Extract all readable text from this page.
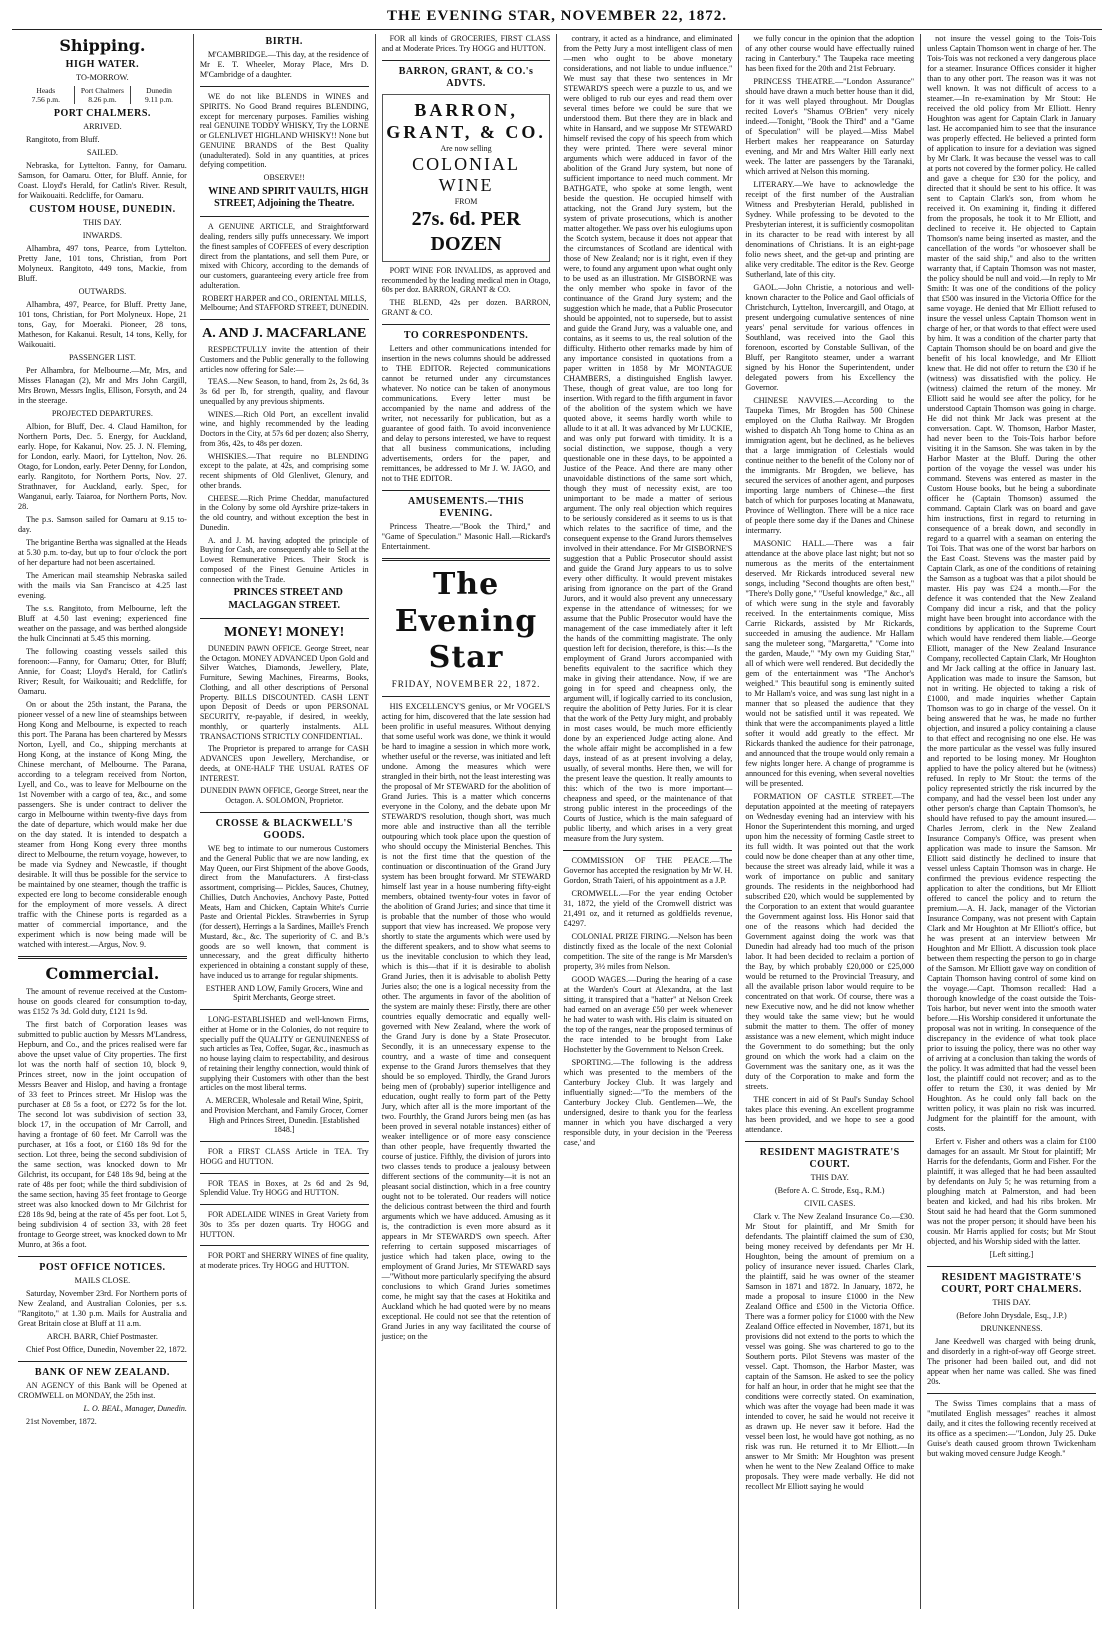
THE EVENING STAR, NOVEMBER 22, 1872.
Shipping.
HIGH WATER.

TO-MORROW.

Heads
7.56 p.m.
Port Chalmers
8.26 p.m.
Dunedin
9.11 p.m.
PORT CHALMERS.

ARRIVED.

Rangitoto, from Bluff.

SAILED.

Nebraska, for Lyttelton. Fanny, for Oamaru. Samson, for Oamaru. Otter, for Bluff. Annie, for Coast. Lloyd's Herald, for Catlin's River. Result, for Waikouaiti. Redcliffe, for Oamaru.

CUSTOM HOUSE, DUNEDIN.

THIS DAY.

INWARDS.

Alhambra, 497 tons, Pearce, from Lyttelton. Pretty Jane, 101 tons, Christian, from Port Molyneux. Rangitoto, 449 tons, Mackie, from Bluff.

OUTWARDS.

Alhambra, 497, Pearce, for Bluff. Pretty Jane, 101 tons, Christian, for Port Molyneux. Hope, 21 tons, Gay, for Moeraki. Pioneer, 28 tons, Matheson, for Kakanui. Result, 14 tons, Kelly, for Waikouaiti.

PASSENGER LIST.

Per Alhambra, for Melbourne.—Mr, Mrs, and Misses Flanagan (2), Mr and Mrs John Cargill, Mrs Brown, Messrs Inglis, Ellison, Forsyth, and 24 in the steerage.

PROJECTED DEPARTURES.

Albion, for Bluff, Dec. 4. Claud Hamilton, for Northern Ports, Dec. 5. Energy, for Auckland, early. Hope, for Kakanui, Nov. 25. J. N. Fleming, for London, early. Maori, for Lyttelton, Nov. 26. Otago, for London, early. Peter Denny, for London, early. Rangitoto, for Northern Ports, Nov. 27. Strathnaver, for Auckland, early. Spec, for Wanganui, early. Taiaroa, for Northern Ports, Nov. 28.

The p.s. Samson sailed for Oamaru at 9.15 to-day.

The brigantine Bertha was signalled at the Heads at 5.30 p.m. to-day, but up to four o'clock the port of her departure had not been ascertained.

The American mail steamship Nebraska sailed with the mails via San Francisco at 4.25 last evening.

The s.s. Rangitoto, from Melbourne, left the Bluff at 4.50 last evening; experienced fine weather on the passage, and was berthed alongside the hulk Cincinnati at 5.45 this morning.

The following coasting vessels sailed this forenoon:—Fanny, for Oamaru; Otter, for Bluff; Annie, for Coast; Lloyd's Herald, for Catlin's River; Result, for Waikouaiti; and Redcliffe, for Oamaru.

On or about the 25th instant, the Parana, the pioneer vessel of a new line of steamships between Hong Kong and Melbourne, is expected to reach this port. The Parana has been chartered by Messrs Norton, Lyell, and Co., shipping merchants at Hong Kong, at the instance of Kong Ming, the Chinese merchant, of Melbourne. The Parana, according to a telegram received from Norton, Lyell, and Co., was to leave for Melbourne on the 1st November with a cargo of tea, &c., and some passengers. She is under contract to deliver the cargo in Melbourne within twenty-five days from the date of departure, which would make her due on the day stated. It is intended to despatch a steamer from Hong Kong every three months direct to Melbourne, the return voyage, however, to be made via Sydney and Newcastle, if thought desirable. It will thus be possible for the service to be maintained by one steamer, though the traffic is expected ere long to become considerable enough for the employment of more vessels. A direct traffic with the Chinese ports is regarded as a matter of commercial importance, and the experiment which is now being made will be watched with interest.—Argus, Nov. 9.

Commercial.

The amount of revenue received at the Custom-house on goods cleared for consumption to-day, was £152 7s 3d. Gold duty, £121 1s 9d.

The first batch of Corporation leases was submitted to public auction by Messrs M'Landress, Hepburn, and Co., and the prices realised were far above the upset value of City properties. The first lot was the north half of section 10, block 9, Princes street, now in the joint occupation of Messrs Beaver and Hislop, and having a frontage of 33 feet to Princes street. Mr Hislop was the purchaser at £8 5s a foot, or £272 5s for the lot. The second lot was subdivision of section 33, block 17, in the occupation of Mr Carroll, and having a frontage of 60 feet. Mr Carroll was the purchaser, at 16s a foot, or £160 18s 9d for the section. Lot three, being the second subdivision of the same section, was knocked down to Mr Gilchrist, its occupant, for £48 18s 9d, being at the rate of 48s per foot; while the third subdivision of the same section, having 35 feet frontage to George street was also knocked down to Mr Gilchrist for £28 18s 9d, being at the rate of 45s per foot. Lot 5, being subdivision 4 of section 33, with 28 feet frontage to George street, was knocked down to Mr Munro, at 36s a foot.

POST OFFICE NOTICES.

MAILS CLOSE.

Saturday, November 23rd. For Northern ports of New Zealand, and Australian Colonies, per s.s. "Rangitoto," at 1.30 p.m. Mails for Australia and Great Britain close at Bluff at 11 a.m.

ARCH. BARR, Chief Postmaster.

Chief Post Office, Dunedin, November 22, 1872.

BANK OF NEW ZEALAND.

AN AGENCY of this Bank will be Opened at CROMWELL on MONDAY, the 25th inst.

L. O. BEAL, Manager, Dunedin.

21st November, 1872.

BIRTH.

M'CAMBRIDGE.—This day, at the residence of Mr E. T. Wheeler, Moray Place, Mrs D. M'Cambridge of a daughter.

WE do not like BLENDS in WINES and SPIRITS. No Good Brand requires BLENDING, except for mercenary purposes. Families wishing real GENUINE TODDY WHISKY, Try the LORNE or GLENLIVET HIGHLAND WHISKY!! None but GENUINE BRANDS of the Best Quality (unadulterated). Sold in any quantities, at prices defying competition.

OBSERVE!!

WINE AND SPIRIT VAULTS, HIGH STREET, Adjoining the Theatre.

A GENUINE ARTICLE, and Straightforward dealing, renders silly puffs unnecessary. We import the finest samples of COFFEES of every description direct from the plantations, and sell them Pure, or mixed with Chicory, according to the demands of our customers, guaranteeing every article free from adulteration.

ROBERT HARPER and CO., ORIENTAL MILLS, Melbourne; And STAFFORD STREET, DUNEDIN.

A. AND J. MACFARLANE

RESPECTFULLY invite the attention of their Customers and the Public generally to the following articles now offering for Sale:—

TEAS.—New Season, to hand, from 2s, 2s 6d, 3s 3s 6d per lb, for strength, quality, and flavour unequalled by any previous shipments.

WINES.—Rich Old Port, an excellent invalid wine, and highly recommended by the leading Doctors in the City, at 57s 6d per dozen; also Sherry, from 36s, 42s, to 48s per dozen.

WHISKIES.—That require no BLENDING except to the palate, at 42s, and comprising some recent shipments of Old Glenlivet, Glenury, and other brands.

CHEESE.—Rich Prime Cheddar, manufactured in the Colony by some old Ayrshire prize-takers in the old country, and without exception the best in Dunedin.

A. and J. M. having adopted the principle of Buying for Cash, are consequently able to Sell at the Lowest Remunerative Prices. Their Stock is composed of the Finest Genuine Articles in connection with the Trade.

PRINCES STREET AND MACLAGGAN STREET.

MONEY! MONEY!

DUNEDIN PAWN OFFICE. George Street, near the Octagon. MONEY ADVANCED Upon Gold and Silver Watches, Diamonds, Jewellery, Plate, Furniture, Sewing Machines, Firearms, Books, Clothing, and all other descriptions of Personal Property. BILLS DISCOUNTED. CASH LENT upon Deposit of Deeds or upon PERSONAL SECURITY, re-payable, if desired, in weekly, monthly, or quarterly instalments. ALL TRANSACTIONS STRICTLY CONFIDENTIAL.

The Proprietor is prepared to arrange for CASH ADVANCES upon Jewellery, Merchandise, or deeds, at ONE-HALF THE USUAL RATES OF INTEREST.

DUNEDIN PAWN OFFICE, George Street, near the Octagon. A. SOLOMON, Proprietor.

CROSSE & BLACKWELL'S GOODS.

WE beg to intimate to our numerous Customers and the General Public that we are now landing, ex May Queen, our First Shipment of the above Goods, direct from the Manufacturers. A first-class assortment, comprising— Pickles, Sauces, Chutney, Chillies, Dutch Anchovies, Anchovy Paste, Potted Meats, Ham and Chicken, Captain White's Currie Paste and Oriental Pickles. Strawberries in Syrup (for dessert), Herrings a la Sardines, Maille's French Mustard, &c., &c. The superiority of C. and B.'s goods are so well known, that comment is unnecessary, and the great difficulty hitherto experienced in obtaining a constant supply of these, have induced us to arrange for regular shipments.

ESTHER AND LOW, Family Grocers, Wine and Spirit Merchants, George street.

LONG-ESTABLISHED and well-known Firms, either at Home or in the Colonies, do not require to specially puff the QUALITY or GENUINENESS of such articles as Tea, Coffee, Sugar, &c., inasmuch as no house laying claim to respectability, and desirous of retaining their lengthy connection, would think of supplying their Customers with other than the best articles on the most liberal terms.

A. MERCER, Wholesale and Retail Wine, Spirit, and Provision Merchant, and Family Grocer, Corner High and Princes Street, Dunedin. [Established 1848.]

FOR a FIRST CLASS Article in TEA. Try HOGG and HUTTON.

FOR TEAS in Boxes, at 2s 6d and 2s 9d, Splendid Value. Try HOGG and HUTTON.

FOR ADELAIDE WINES in Great Variety from 30s to 35s per dozen quarts. Try HOGG and HUTTON.

FOR PORT and SHERRY WINES of fine quality, at moderate prices. Try HOGG and HUTTON.

FOR all kinds of GROCERIES, FIRST CLASS and at Moderate Prices. Try HOGG and HUTTON.

BARRON, GRANT, & CO.'s ADVTS.
BARRON, GRANT, & CO.
Are now selling
COLONIAL WINE
FROM
27s. 6d. PER DOZEN

PORT WINE FOR INVALIDS, as approved and recommended by the leading medical men in Otago, 60s per doz. BARRON, GRANT & CO.

THE BLEND, 42s per dozen. BARRON, GRANT & CO.

TO CORRESPONDENTS.

Letters and other communications intended for insertion in the news columns should be addressed to THE EDITOR. Rejected communications cannot be returned under any circumstances whatever. No notice can be taken of anonymous communications. Every letter must be accompanied by the name and address of the writer, not necessarily for publication, but as a guarantee of good faith. To avoid inconvenience and delay to persons interested, we have to request that all business communications, including advertisements, orders for the paper, and remittances, be addressed to Mr J. W. JAGO, and not to THE EDITOR.

AMUSEMENTS.—THIS EVENING.

Princess Theatre.—"Book the Third," and "Game of Speculation." Masonic Hall.—Rickard's Entertainment.

The Evening Star
FRIDAY, NOVEMBER 22, 1872.

HIS EXCELLENCY'S genius, or Mr VOGEL'S acting for him, discovered that the late session had been prolific in useful measures. Without denying that some useful work was done, we think it would be hard to imagine a session in which more work, whether useful or the reverse, was initiated and left undone. Among the measures which were strangled in their birth, not the least interesting was the proposal of Mr STEWARD for the abolition of Grand Juries. This is a matter which concerns everyone in the Colony, and the debate upon Mr STEWARD'S resolution, though short, was much more able and instructive than all the terrible outpouring which took place upon the question of who should occupy the Ministerial Benches. This is not the first time that the question of the continuation or discontinuation of the Grand Jury system has been brought forward. Mr STEWARD himself last year in a house numbering fifty-eight members, obtained twenty-four votes in favor of the abolition of Grand Juries; and since that time it is probable that the number of those who would support that view has increased. We propose very shortly to state the arguments which were used by the different speakers, and to show what seems to us the inevitable conclusion to which they lead, which is this—that if it is desirable to abolish Grand Juries, then it is advisable to abolish Petty Juries also; the one is a logical necessity from the other. The arguments in favor of the abolition of the system are mainly these: Firstly, there are other countries equally democratic and equally well-governed with New Zealand, where the work of the Grand Jury is done by a State Prosecutor. Secondly, it is an unnecessary expense to the country, and a waste of time and consequent expense to the Grand Jurors themselves that they should be so employed. Thirdly, the Grand Jurors being men of (probably) superior intelligence and education, ought really to form part of the Petty Jury, which after all is the more important of the two. Fourthly, the Grand Jurors being men (as has been proved in several notable instances) either of weaker intelligence or of more easy conscience than other people, have frequently thwarted the course of justice. Fifthly, the division of jurors into two classes tends to produce a jealousy between different sections of the community—it is not an pleasant social distinction, which in a free country ought not to be tolerated. Our readers will notice the delicious contrast between the third and fourth arguments which we have adduced. Amusing as it is, the contradiction is even more absurd as it appears in Mr STEWARD'S own speech. After referring to certain supposed miscarriages of justice which had taken place, owing to the employment of Grand Juries, Mr STEWARD says—"Without more particularly specifying the absurd conclusions to which Grand Juries sometimes come, he might say that the cases at Hokitika and Auckland which he had quoted were by no means exceptional. He could not see that the retention of Grand Juries in any way facilitated the course of justice; on the

contrary, it acted as a hindrance, and eliminated from the Petty Jury a most intelligent class of men—men who ought to be above monetary considerations, and not liable to undue influence." We must say that these two sentences in Mr STEWARD'S speech were a puzzle to us, and we were obliged to rub our eyes and read them over several times before we could be sure that we understood them. But there they are in black and white in Hansard, and we suppose Mr STEWARD himself revised the copy of his speech from which they were printed. There were several minor arguments which were adduced in favor of the abolition of the Grand Jury system, but none of sufficient importance to need much comment. Mr BATHGATE, who spoke at some length, went beside the question. He occupied himself with attacking, not the Grand Jury system, but the system of private prosecutions, which is another matter altogether. We pass over his eulogiums upon the Scotch system, because it does not appear that the circumstances of Scotland are identical with those of New Zealand; nor is it right, even if they were, to found any argument upon what ought only to be used as an illustration. Mr GISBORNE was the only member who spoke in favor of the continuance of the Grand Jury system; and the suggestion which he made, that a Public Prosecutor should be appointed, not to supersede, but to assist and guide the Grand Jury, was a valuable one, and contains, as it seems to us, the real solution of the difficulty. Hitherto other remarks made by him of any importance consisted in quotations from a paper written in 1858 by Mr MONTAGUE CHAMBERS, a distinguished English lawyer. These, though of great value, are too long for insertion. With regard to the fifth argument in favor of the abolition of the system which we have quoted above, it seems hardly worth while to allude to it at all. It was advanced by Mr LUCKIE, and was only put forward with timidity. It is a social distinction, we suppose, though a very questionable one in these days, to be appointed a Justice of the Peace. And there are many other unavoidable distinctions of the same sort which, though they must of necessity exist, are too unimportant to be made a matter of serious argument. The only real objection which requires to be seriously considered as it seems to us is that which relates to the sacrifice of time, and the consequent expense to the Grand Jurors themselves involved in their attendance. For Mr GISBORNE'S suggestion that a Public Prosecutor should assist and guide the Grand Jury appears to us to solve every other difficulty. It would prevent mistakes arising from ignorance on the part of the Grand Jurors, and it would also prevent any unnecessary expense in the attendance of witnesses; for we assume that the Public Prosecutor would have the management of the case immediately after it left the hands of the committing magistrate. The only question left for decision, therefore, is this:—Is the employment of Grand Jurors accompanied with benefits equivalent to the sacrifice which they make in giving their attendance. Now, if we are going in for speed and cheapness only, the argument will, if logically carried to its conclusion, require the abolition of Petty Juries. For it is clear that the work of the Petty Jury might, and probably in most cases would, be much more efficiently done by an experienced Judge acting alone. And the whole affair might be accomplished in a few days, instead of as at present involving a delay, usually, of several months. Here then, we will for the present leave the question. It really amounts to this: which of the two is more important—cheapness and speed, or the maintenance of that strong public interest in the proceedings of the Courts of Justice, which is the main safeguard of public liberty, and which arises in a very great measure from the Jury system.

COMMISSION OF THE PEACE.—The Governor has accepted the resignation by Mr W. H. Gordon, Strath Taieri, of his appointment as a J.P.

CROMWELL.—For the year ending October 31, 1872, the yield of the Cromwell district was 21,491 oz, and it returned as goldfields revenue, £4297.

COLONIAL PRIZE FIRING.—Nelson has been distinctly fixed as the locale of the next Colonial competition. The site of the range is Mr Marsden's property, 3½ miles from Nelson.

GOOD WAGES.—During the hearing of a case at the Warden's Court at Alexandra, at the last sitting, it transpired that a "hatter" at Nelson Creek had earned on an average £50 per week whenever he had water to wash with. His claim is situated on the top of the ranges, near the proposed terminus of the race intended to be brought from Lake Hochstetter by the Government to Nelson Creek.

SPORTING.—The following is the address which was presented to the members of the Canterbury Jockey Club. It was largely and influentially signed:—"To the members of the Canterbury Jockey Club. Gentlemen—We, the undersigned, desire to thank you for the fearless manner in which you have discharged a very responsible duty, in your decision in the 'Peeress case,' and

we fully concur in the opinion that the adoption of any other course would have effectually ruined racing in Canterbury." The Taupeka race meeting has been fixed for the 20th and 21st February.

PRINCESS THEATRE.—"London Assurance" should have drawn a much better house than it did, for it was well played throughout. Mr Douglas recited Lover's "Shamus O'Brien" very nicely indeed.—Tonight, "Book the Third" and a "Game of Speculation" will be played.—Miss Mabel Herbert makes her reappearance on Saturday evening, and Mr and Mrs Walter Hill early next week. The latter are passengers by the Taranaki, which arrived at Nelson this morning.

LITERARY.—We have to acknowledge the receipt of the first number of the Australian Witness and Presbyterian Herald, published in Sydney. While professing to be devoted to the Presbyterian interest, it is sufficiently cosmopolitan in its character to be read with interest by all denominations of Christians. It is an eight-page folio news sheet, and the get-up and printing are alike very creditable. The editor is the Rev. George Sutherland, late of this city.

GAOL.—John Christie, a notorious and well-known character to the Police and Gaol officials of Christchurch, Lyttelton, Invercargill, and Otago, at present undergoing cumulative sentences of nine years' penal servitude for various offences in Southland, was received into the Gaol this forenoon, escorted by Constable Sullivan, of the Bluff, per Rangitoto steamer, under a warrant signed by his Honor the Superintendent, under delegated powers from his Excellency the Governor.

CHINESE NAVVIES.—According to the Taupeka Times, Mr Brogden has 500 Chinese employed on the Clutha Railway. Mr Brogden wished to dispatch Ah Tong home to China as an immigration agent, but he declined, as he believes that a large immigration of Celestials would continue neither to the benefit of the Colony nor of the immigrants. Mr Brogden, we believe, has secured the services of another agent, and purposes importing large numbers of Chinese—the first batch of which for purposes locating at Manawatu, Province of Wellington. There will be a nice race of people there some day if the Danes and Chinese intermarry.

MASONIC HALL.—There was a fair attendance at the above place last night; but not so numerous as the merits of the entertainment deserved. Mr Rickards introduced several new songs, including "Second thoughts are often best," "There's Dolly gone," "Useful knowledge," &c., all of which were sung in the style and favorably received. In the entertainments comique, Miss Carrie Rickards, assisted by Mr Rickards, succeeded in amusing the audience. Mr Hallam sang the muleteer song, "Margaretta," "Come into the garden, Maude," "My own my Guiding Star," all of which were well rendered. But decidedly the gem of the entertainment was "The Anchor's weighed." This beautiful song is eminently suited to Mr Hallam's voice, and was sung last night in a manner that so pleased the audience that they would not be satisfied until it was repeated. We think that were the accompaniments played a little softer it would add greatly to the effect. Mr Rickards thanked the audience for their patronage, and announced that the troupe would only remain a few nights longer here. A change of programme is announced for this evening, when several novelties will be presented.

FORMATION OF CASTLE STREET.—The deputation appointed at the meeting of ratepayers on Wednesday evening had an interview with his Honor the Superintendent this morning, and urged upon him the necessity of forming Castle street to its full width. It was pointed out that the work could now be done cheaper than at any other time, because the street was already laid, while it was a work of importance on public and sanitary grounds. The residents in the neighborhood had subscribed £20, which would be supplemented by the Corporation to an extent that would guarantee the Government against loss. His Honor said that one of the reasons which had decided the Government against doing the work was that Dunedin had already had too much of the prison labor. It had been decided to reclaim a portion of the Bay, by which probably £20,000 or £25,000 would be returned to the Provincial Treasury, and all the available prison labor would require to be concentrated on that work. Of course, there was a new Executive now, and he did not know whether they would take the same view; but he would submit the matter to them. The offer of money assistance was a new element, which might induce the Government to do something; but the only ground on which the work had a claim on the Government was the sanitary one, as it was the duty of the Corporation to make and form the streets.

THE concert in aid of St Paul's Sunday School takes place this evening. An excellent programme has been provided, and we hope to see a good attendance.

RESIDENT MAGISTRATE'S COURT.

THIS DAY.

(Before A. C. Strode, Esq., R.M.)

CIVIL CASES.

Clark v. The New Zealand Insurance Co.—£30. Mr Stout for plaintiff, and Mr Smith for defendants. The plaintiff claimed the sum of £30, being money received by defendants per Mr H. Houghton, being the amount of premium on a policy of insurance never issued. Charles Clark, the plaintiff, said he was owner of the steamer Samson in 1871 and 1872. In January, 1872, he made a proposal to insure £1000 in the New Zealand Office and £500 in the Victoria Office. There was a former policy for £1000 with the New Zealand Office effected in November, 1871, but its provisions did not extend to the ports to which the vessel was going. She was chartered to go to the Southern ports. Pilot Stevens was master of the vessel. Capt. Thomson, the Harbor Master, was captain of the Samson. He asked to see the policy for half an hour, in order that he might see that the conditions were correctly stated. On examination, which was after the voyage had been made it was intended to cover, he said he would not receive it as drawn up. He never saw it before. Had the vessel been lost, he would have got nothing, as no risk was run. He returned it to Mr Elliott.—In answer to Mr Smith: Mr Houghton was present when he went to the New Zealand Office to make proposals. They were made verbally. He did not recollect Mr Elliott saying he would

not insure the vessel going to the Tois-Tois unless Captain Thomson went in charge of her. The Tois-Tois was not reckoned a very dangerous place for a steamer. Insurance Offices consider it higher than to any other port. The reason was it was not well known. It was not difficult of access to a steamer.—In re-examination by Mr Stout: He received the old policy from Mr Elliott. Henry Houghton was agent for Captain Clark in January last. He accompanied him to see that the insurance was properly effected. He believed a printed form of application to insure for a deviation was signed by Mr Clark. It was because the vessel was to call at ports not covered by the former policy. He called and gave a cheque for £30 for the policy, and directed that it should be sent to his office. It was sent to Captain Clark's son, from whom he received it. On examining it, finding it differed from the proposals, he took it to Mr Elliott, and declined to receive it. He objected to Captain Thomson's name being inserted as master, and the cancellation of the words "or whosoever shall be master of the said ship," and also to the written warranty that, if Captain Thomson was not master, the policy should be null and void.—In reply to Mr Smith: It was one of the conditions of the policy that £500 was insured in the Victoria Office for the same voyage. He denied that Mr Elliott refused to insure the vessel unless Captain Thomson went in charge of her, or that words to that effect were used by him. It was a condition of the charter party that Captain Thomson should be on board and give the benefit of his local knowledge, and Mr Elliott knew that. He did not offer to return the £30 if he (witness) was dissatisfied with the policy. He (witness) claimed the return of the money. Mr Elliott said he would see after the policy, for he understood Captain Thomson was going in charge. He did not think Mr Jack was present at the conversation. Capt. W. Thomson, Harbor Master, had never been to the Tois-Tois harbor before visiting it in the Samson. She was taken in by the Harbor Master at the Bluff. During the other portion of the voyage the vessel was under his command. Stevens was entered as master in the Custom House books, but he being a subordinate officer he (Captain Thomson) assumed the command. Captain Clark was on board and gave him instructions, first in regard to returning in consequence of a break down, and secondly in regard to a quarrel with a seaman on entering the Toi Tois. That was one of the worst bar harbors on the East Coast. Stevens was the master paid by Captain Clark, as one of the conditions of retaining the Samson as a tugboat was that a pilot should be master. His pay was £24 a month.—For the defence it was contended that the New Zealand Company did incur a risk, and that the policy might have been brought into accordance with the conditions by application to the Supreme Court which would have rendered them liable.—George Elliott, manager of the New Zealand Insurance Company, recollected Captain Clark, Mr Houghton and Mr Jack calling at the office in January last. Application was made to insure the Samson, but not in writing. He objected to taking a risk of £1000, and made inquiries whether Captain Thomson was to go in charge of the vessel. On it being answered that he was, he made no further objection, and insured a policy containing a clause to that effect and recognising no one else. He was the more particular as the vessel was fully insured and reported to be losing money. Mr Houghton applied to have the policy altered but he (witness) refused. In reply to Mr Stout: the terms of the policy represented strictly the risk incurred by the company, and had the vessel been lost under any other person's charge than Captain Thomson's, he should have refused to pay the amount insured.—Charles Jerrom, clerk in the New Zealand Insurance Company's Office, was present when application was made to insure the Samson. Mr Elliott said distinctly he declined to insure that vessel unless Captain Thomson was in charge. He confirmed the previous evidence respecting the application to alter the conditions, but Mr Elliott offered to cancel the policy and to return the premium.—A. H. Jack, manager of the Victorian Insurance Company, was not present with Captain Clark and Mr Houghton at Mr Elliott's office, but he was present at an interview between Mr Houghton and Mr Elliott. A discussion took place between them respecting the person to go in charge of the Samson. Mr Elliott gave way on condition of Captain Thomson having control of some kind on the voyage.—Capt. Thomson recalled: Had a thorough knowledge of the coast outside the Tois-Tois harbor, but never went into the smooth water before.—His Worship considered it unfortunate the proposal was not in writing. In consequence of the discrepancy in the evidence of what took place prior to issuing the policy, there was no other way of arriving at a conclusion than taking the words of the policy. It was admitted that had the vessel been lost, the plaintiff could not recover; and as to the offer to return the £30, it was denied by Mr Houghton. As he could only fall back on the written policy, it was plain no risk was incurred. Judgment for the plaintiff for the amount, with costs.

Erfert v. Fisher and others was a claim for £100 damages for an assault. Mr Stout for plaintiff; Mr Harris for the defendants, Gorm and Fisher. For the plaintiff, it was alleged that he had been assaulted by defendants on July 5; he was returning from a ploughing match at Palmerston, and had been beaten and kicked, and had his ribs broken. Mr Stout said he had heard that the Gorm summoned was not the proper person; it should have been his cousin. Mr Harris applied for costs; but Mr Stout objected, and his Worship sided with the latter.

[Left sitting.]

RESIDENT MAGISTRATE'S COURT, PORT CHALMERS.

THIS DAY.

(Before John Drysdale, Esq., J.P.)

DRUNKENNESS.

Jane Keedwell was charged with being drunk, and disorderly in a right-of-way off George street. The prisoner had been bailed out, and did not appear when her name was called. She was fined 20s.

The Swiss Times complains that a mass of "mutilated English messages" reaches it almost daily, and it cites the following recently received at its office as a specimen:—"London, July 25. Duke Guise's death caused groom thrown Twickenham but waking moved censure Judge Keogh."
